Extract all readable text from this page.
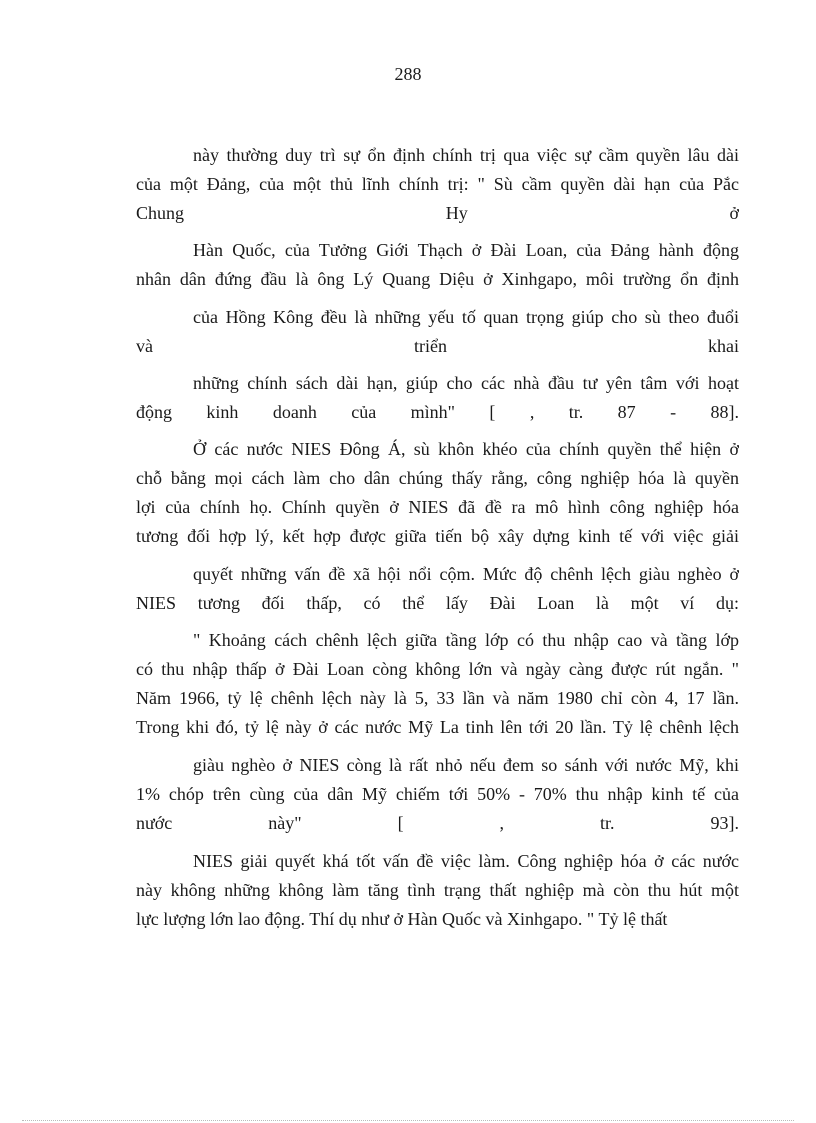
288
này thường duy trì sự ổn định chính trị qua việc sự cầm quyền lâu dài
của một Đảng, của một thủ lĩnh chính trị: " Sù cầm quyền dài hạn của Pắc
Chung Hy ở
Hàn Quốc, của Tưởng Giới Thạch ở Đài Loan, của Đảng hành động
nhân dân đứng đầu là ông Lý Quang Diệu ở Xinhgapo, môi trường ổn định
của Hồng Kông đều là những yếu tố quan trọng giúp cho sù theo đuổi
và triển khai
những chính sách dài hạn, giúp cho các nhà đầu tư yên tâm với hoạt
động kinh doanh của mình" [ , tr. 87 - 88].
Ở các nước NIES Đông Á, sù khôn khéo của chính quyền thể hiện ở
chỗ bằng mọi cách làm cho dân chúng thấy rằng, công nghiệp hóa là quyền
lợi của chính họ. Chính quyền ở NIES đã đề ra mô hình công nghiệp hóa
tương đối hợp lý, kết hợp được giữa tiến bộ xây dựng kinh tế với việc giải
quyết những vấn đề xã hội nổi cộm. Mức độ chênh lệch giàu nghèo ở
NIES tương đối thấp, có thể lấy Đài Loan là một ví dụ:
" Khoảng cách chênh lệch giữa tầng lớp có thu nhập cao và tầng lớp
có thu nhập thấp ở Đài Loan còng không lớn và ngày càng được rút ngắn. "
Năm 1966, tỷ lệ chênh lệch này là 5, 33 lần và năm 1980 chỉ còn 4, 17 lần.
Trong khi đó, tỷ lệ này ở các nước Mỹ La tinh lên tới 20 lần. Tỷ lệ chênh lệch
giàu nghèo ở NIES còng là rất nhỏ nếu đem so sánh với nước Mỹ, khi
1% chóp trên cùng của dân Mỹ chiếm tới 50% - 70% thu nhập kinh tế của
nước này" [ , tr. 93].
NIES giải quyết khá tốt vấn đề việc làm. Công nghiệp hóa ở các nước
này không những không làm tăng tình trạng thất nghiệp mà còn thu hút một
lực lượng lớn lao động. Thí dụ như ở Hàn Quốc và Xinhgapo. " Tỷ lệ thất
